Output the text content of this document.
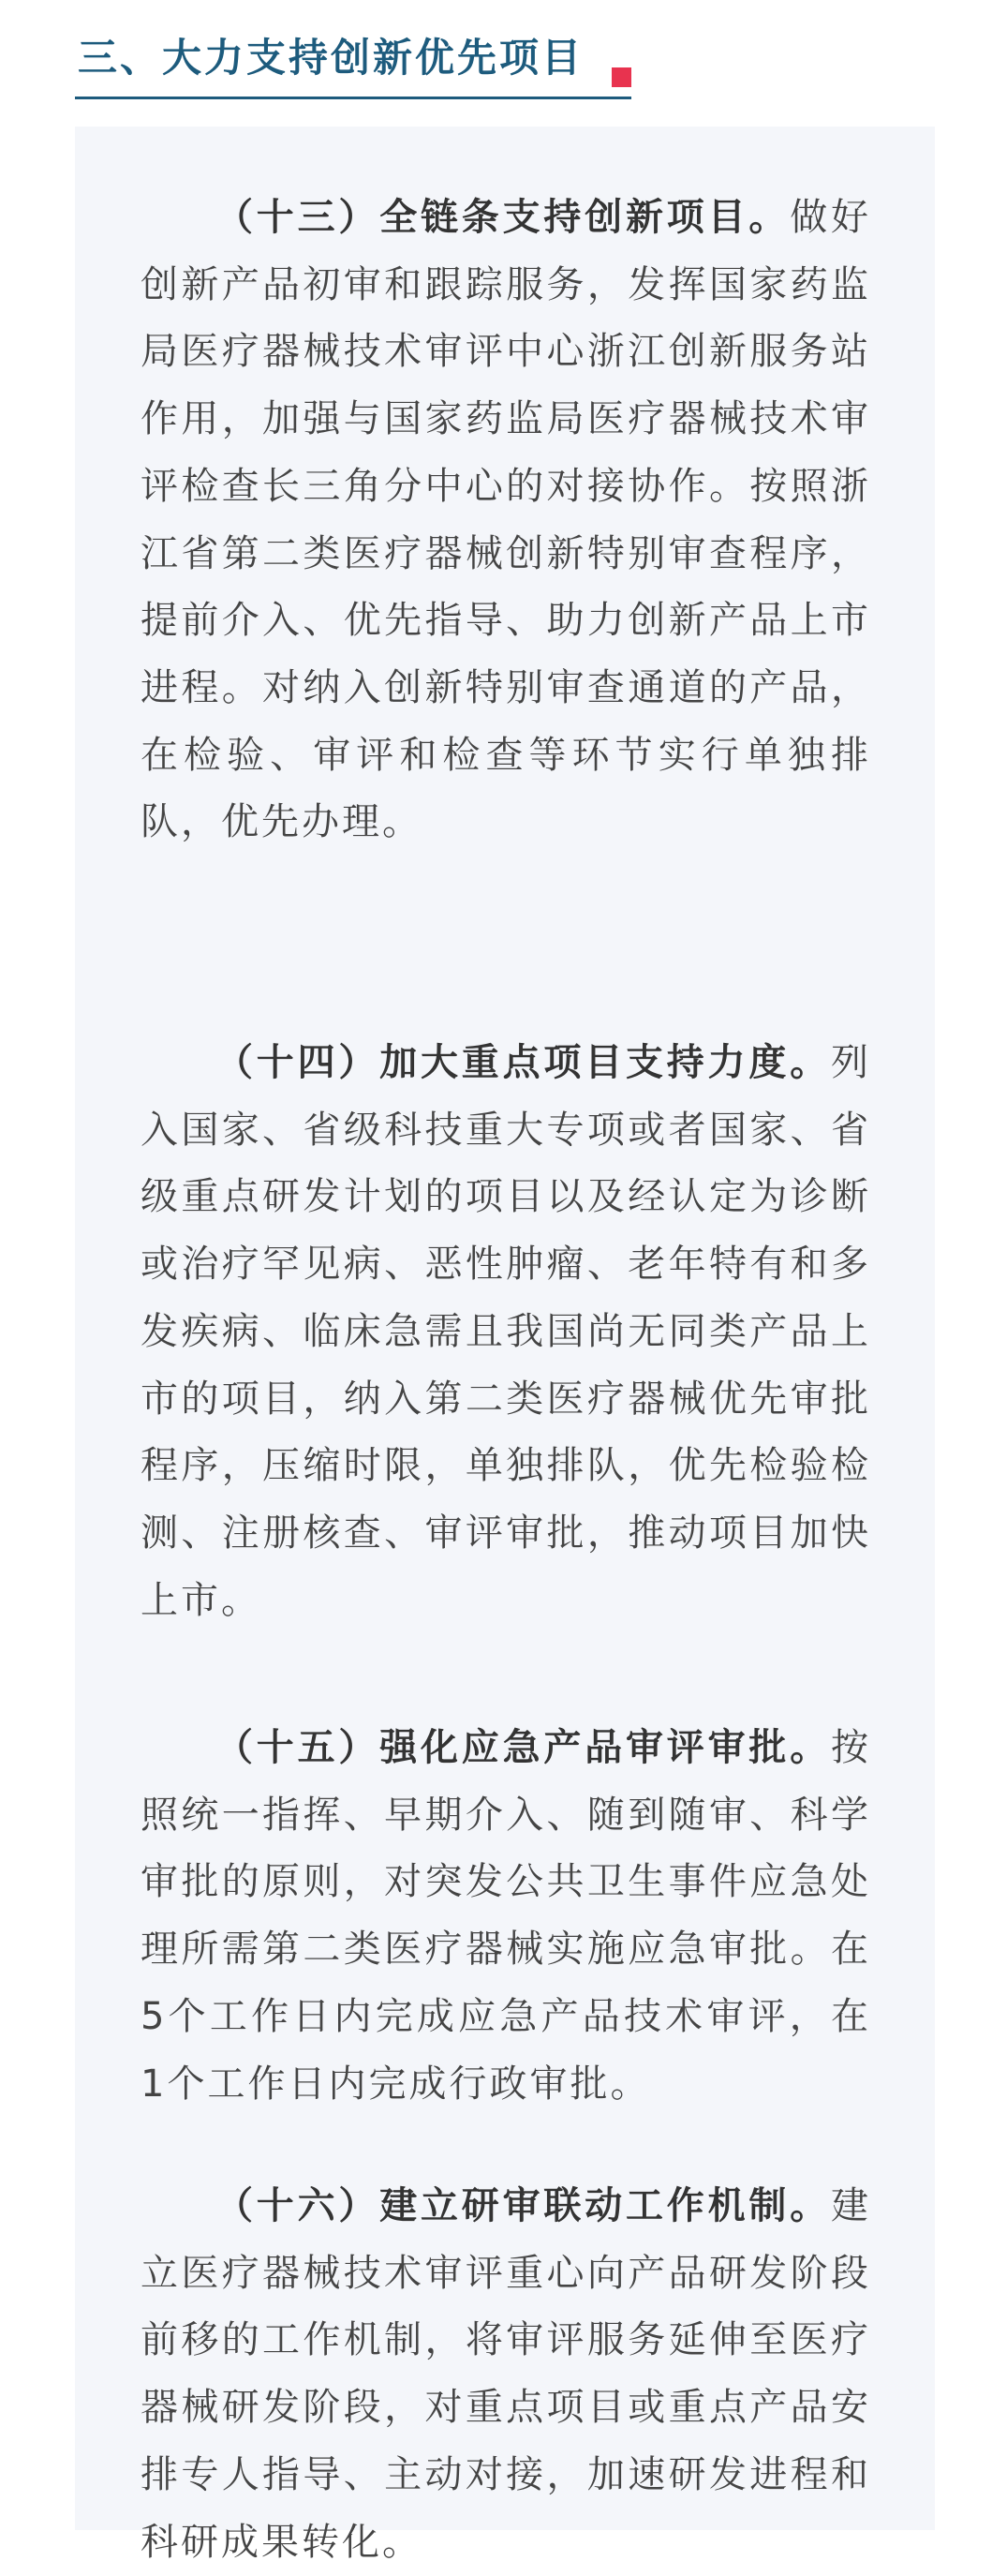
三、大力支持创新优先项目

（十三）全链条支持创新项目。做好创新产品初审和跟踪服务，发挥国家药监局医疗器械技术审评中心浙江创新服务站作用，加强与国家药监局医疗器械技术审评检查长三角分中心的对接协作。按照浙江省第二类医疗器械创新特别审查程序，提前介入、优先指导、助力创新产品上市进程。对纳入创新特别审查通道的产品，在检验、审评和检查等环节实行单独排队，优先办理。

（十四）加大重点项目支持力度。列入国家、省级科技重大专项或者国家、省级重点研发计划的项目以及经认定为诊断或治疗罕见病、恶性肿瘤、老年特有和多发疾病、临床急需且我国尚无同类产品上市的项目，纳入第二类医疗器械优先审批程序，压缩时限，单独排队，优先检验检测、注册核查、审评审批，推动项目加快上市。

（十五）强化应急产品审评审批。按照统一指挥、早期介入、随到随审、科学审批的原则，对突发公共卫生事件应急处理所需第二类医疗器械实施应急审批。在5个工作日内完成应急产品技术审评，在1个工作日内完成行政审批。

（十六）建立研审联动工作机制。建立医疗器械技术审评重心向产品研发阶段前移的工作机制，将审评服务延伸至医疗器械研发阶段，对重点项目或重点产品安排专人指导、主动对接，加速研发进程和科研成果转化。
